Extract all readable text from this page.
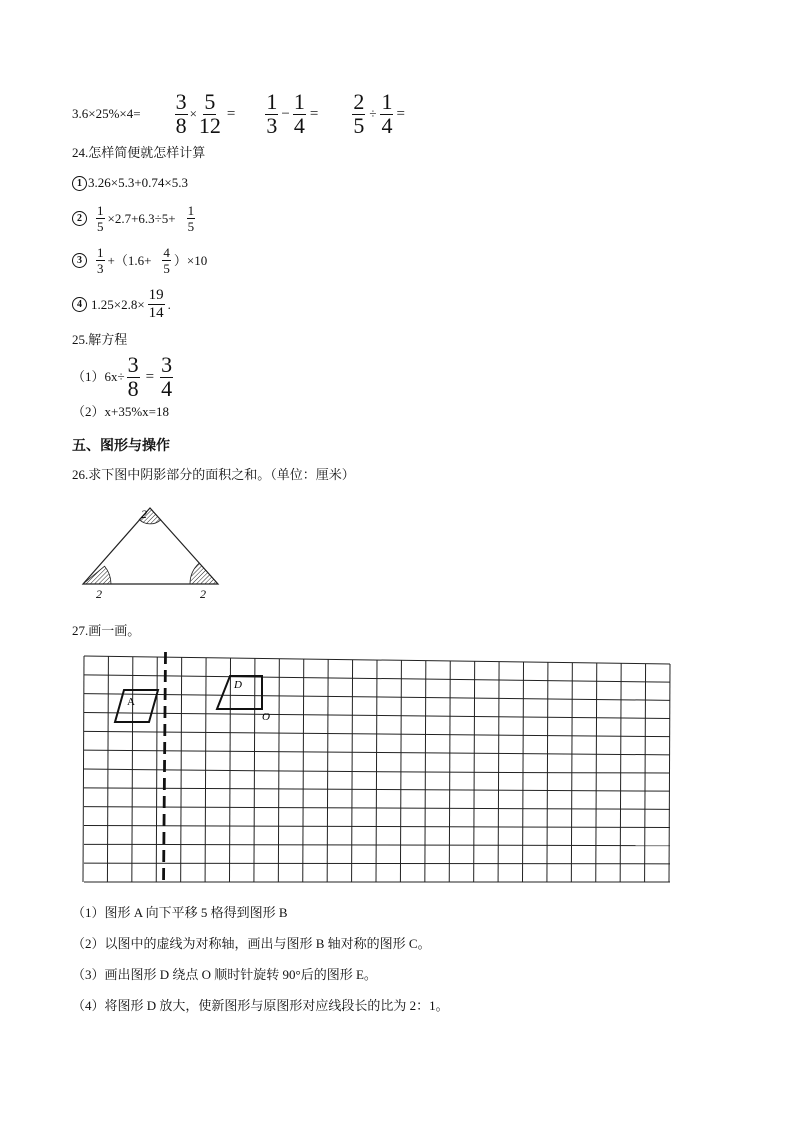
$3.6\times 25\%\times 4= \frac{3}{8} \times \frac{5}{12} = \frac{1}{3} - \frac{1}{4} = \frac{2}{5} \div \frac{1}{4}$ =
24.怎样简便就怎样计算
1 3.26×5.3+0.74×5.3
2	$\frac{1}{5} \times 2.7+6.3\div 5+ \frac{1}{5}$
3	$\frac{1}{3} +(1.6+ \frac{4}{5} )\times 10$
4 $1.25\times 2.8\times \frac{19}{14}$ .
25.解方程
$(1)6x\div \frac{3}{8} = \frac{3}{4}$
（2）x+35%x=18
五、图形与操作
26.求下图中阴影部分的面积之和。（单位：厘米）
2
2	2
27.画一画。
A
D
O
（1）图形 A 向下平移 5 格得到图形 B
（2）以图中的虚线为对称轴，画出与图形 B 轴对称的图形 C。
（3）画出图形 D 绕点 O 顺时针旋转 90°后的图形 E。
（4）将图形 D 放大，使新图形与原图形对应线段长的比为 2：1。
